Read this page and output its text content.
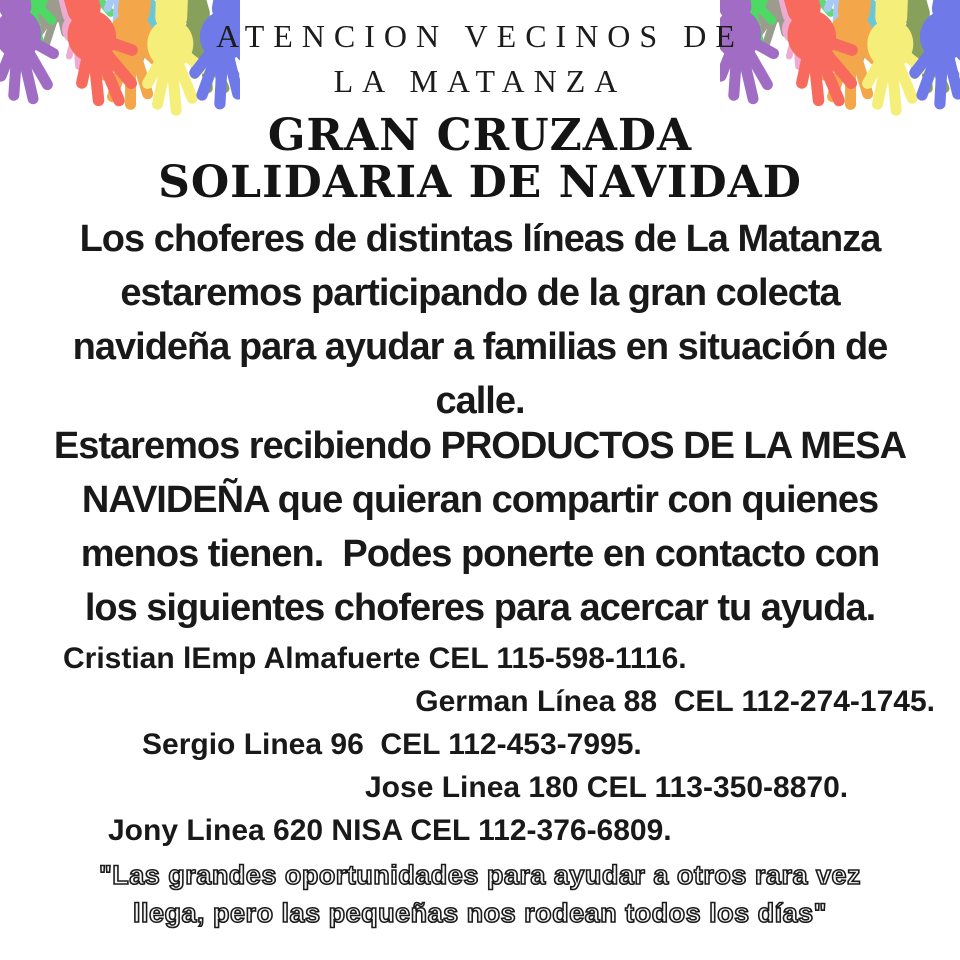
ATENCION VECINOS DE
LA MATANZA
GRAN CRUZADA
SOLIDARIA DE NAVIDAD
Los choferes de distintas líneas de La Matanza
estaremos participando de la gran colecta
navideña para ayudar a familias en situación de
calle.
Estaremos recibiendo PRODUCTOS DE LA MESA
NAVIDEÑA que quieran compartir con quienes
menos tienen.  Podes ponerte en contacto con
los siguientes choferes para acercar tu ayuda.
Cristian lEmp Almafuerte CEL 115-598-1116.
German Línea 88  CEL 112-274-1745.
Sergio Linea 96  CEL 112-453-7995.
Jose Linea 180 CEL 113-350-8870.
Jony Linea 620 NISA CEL 112-376-6809.
"Las grandes oportunidades para ayudar a otros rara vez
llega, pero las pequeñas nos rodean todos los días"
